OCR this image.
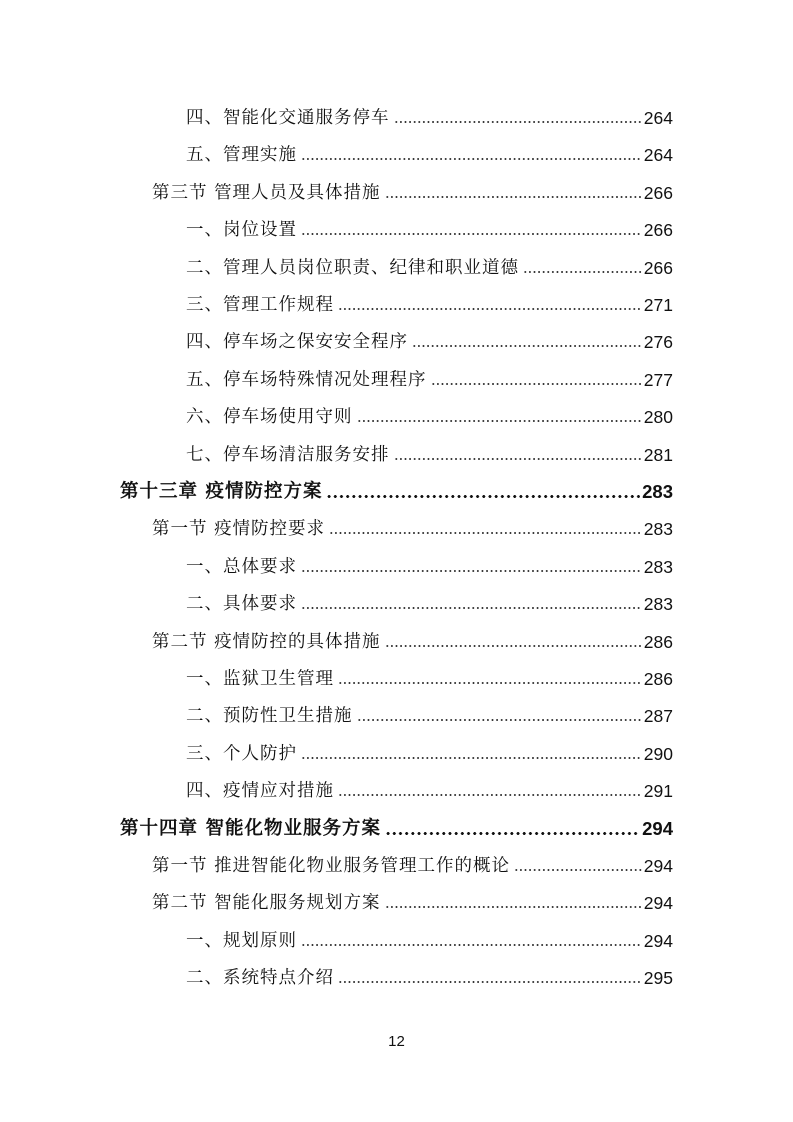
四、智能化交通服务停车	264
五、管理实施	264
第三节 管理人员及具体措施	266
一、岗位设置	266
二、管理人员岗位职责、纪律和职业道德	266
三、管理工作规程	271
四、停车场之保安安全程序	276
五、停车场特殊情况处理程序	277
六、停车场使用守则	280
七、停车场清洁服务安排	281
第十三章 疫情防控方案	283
第一节 疫情防控要求	283
一、总体要求	283
二、具体要求	283
第二节 疫情防控的具体措施	286
一、监狱卫生管理	286
二、预防性卫生措施	287
三、个人防护	290
四、疫情应对措施	291
第十四章 智能化物业服务方案	294
第一节 推进智能化物业服务管理工作的概论	294
第二节 智能化服务规划方案	294
一、规划原则	294
二、系统特点介绍	295
12
